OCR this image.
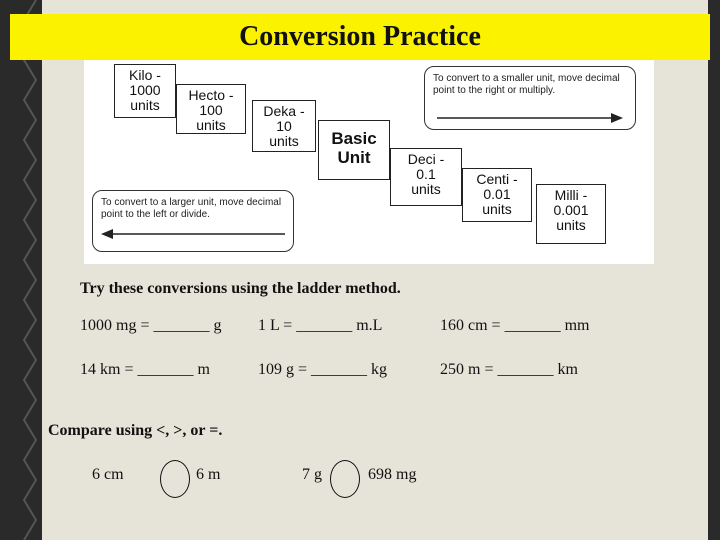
Conversion Practice
Kilo -
1000
units
Hecto -
100
units
Deka -
10
units	Basic
Unit	Deci -
0.1
units
Centi -
0.01
units
Milli -
0.001
units
To convert to a smaller unit, move decimal point to the right or multiply.
To convert to a larger unit, move decimal point to the left or divide.
Try these conversions using the ladder method.
1000 mg = _______ g 1 L = _______ m.L	160 cm = _______ mm
14 km = _______ m	109 g = _______ kg	250 m = _______ km
Compare using <, >, or =.
6 cm	6 m	7 g	698 mg
